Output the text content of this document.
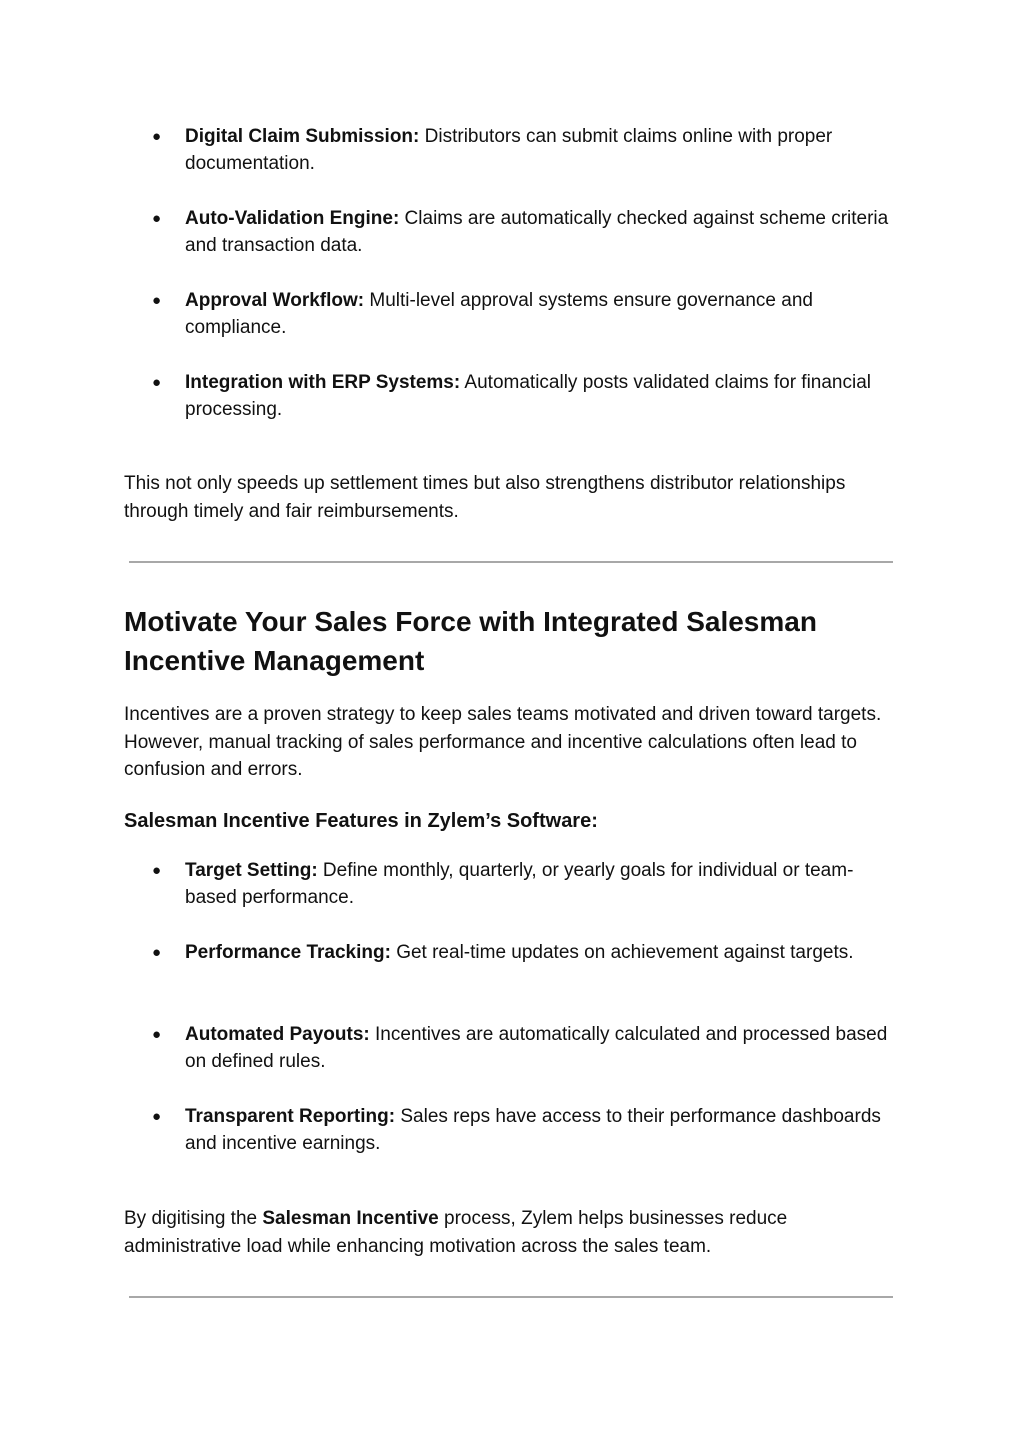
● Digital Claim Submission: Distributors can submit claims online with proper documentation.
● Auto-Validation Engine: Claims are automatically checked against scheme criteria and transaction data.
● Approval Workflow: Multi-level approval systems ensure governance and compliance.
● Integration with ERP Systems: Automatically posts validated claims for financial processing.

This not only speeds up settlement times but also strengthens distributor relationships through timely and fair reimbursements.

Motivate Your Sales Force with Integrated Salesman Incentive Management

Incentives are a proven strategy to keep sales teams motivated and driven toward targets. However, manual tracking of sales performance and incentive calculations often lead to confusion and errors.

Salesman Incentive Features in Zylem’s Software:
● Target Setting: Define monthly, quarterly, or yearly goals for individual or team-based performance.
● Performance Tracking: Get real-time updates on achievement against targets.
● Automated Payouts: Incentives are automatically calculated and processed based on defined rules.
● Transparent Reporting: Sales reps have access to their performance dashboards and incentive earnings.

By digitising the Salesman Incentive process, Zylem helps businesses reduce administrative load while enhancing motivation across the sales team.
